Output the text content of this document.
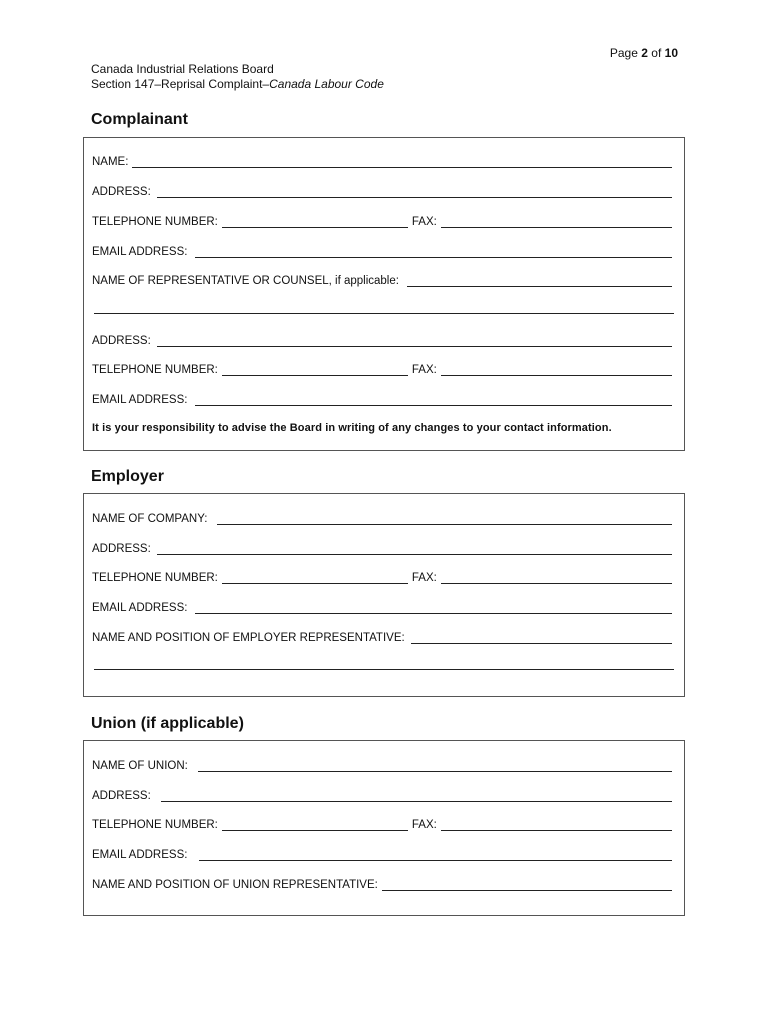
Page 2 of 10
Canada Industrial Relations Board
Section 147–Reprisal Complaint–Canada Labour Code
Complainant
NAME:
ADDRESS:
TELEPHONE NUMBER:	FAX:
EMAIL ADDRESS:
NAME OF REPRESENTATIVE OR COUNSEL, if applicable:
ADDRESS:
TELEPHONE NUMBER:	FAX:
EMAIL ADDRESS:
It is your responsibility to advise the Board in writing of any changes to your contact information.
Employer
NAME OF COMPANY:
ADDRESS:
TELEPHONE NUMBER:	FAX:
EMAIL ADDRESS:
NAME AND POSITION OF EMPLOYER REPRESENTATIVE:
Union (if applicable)
NAME OF UNION:
ADDRESS:
TELEPHONE NUMBER:	FAX:
EMAIL ADDRESS:
NAME AND POSITION OF UNION REPRESENTATIVE:
